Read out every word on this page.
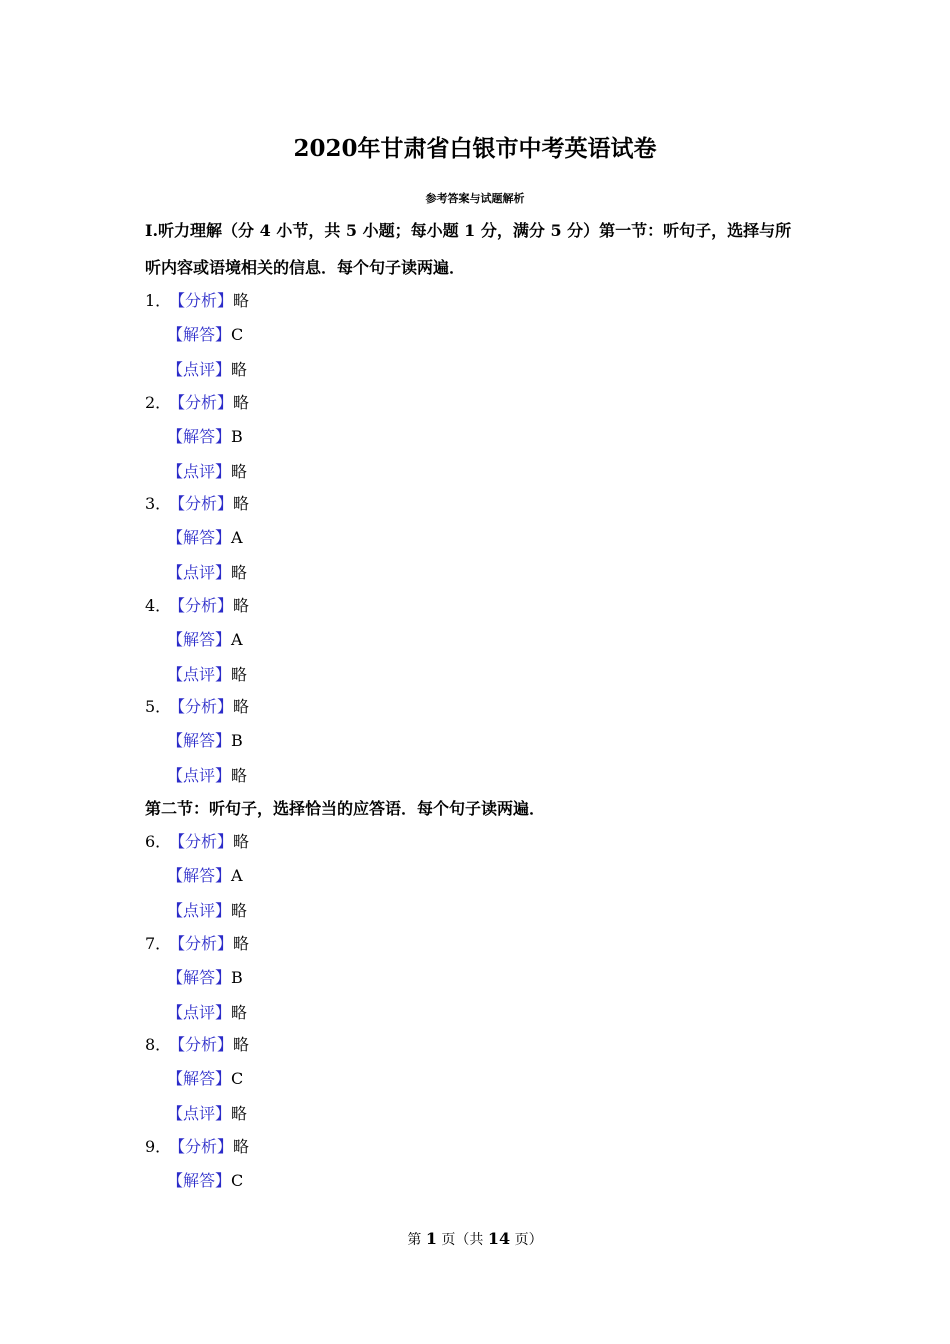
2020年甘肃省白银市中考英语试卷
参考答案与试题解析
Ⅰ.听力理解（分 4 小节，共 5 小题；每小题 1 分，满分 5 分）第一节：听句子，选择与所
听内容或语境相关的信息．每个句子读两遍．
1．【分析】略
【解答】C
【点评】略
2．【分析】略
【解答】B
【点评】略
3．【分析】略
【解答】A
【点评】略
4．【分析】略
【解答】A
【点评】略
5．【分析】略
【解答】B
【点评】略
6．【分析】略
【解答】A
【点评】略
7．【分析】略
【解答】B
【点评】略
8．【分析】略
【解答】C
【点评】略
9．【分析】略
【解答】C
第二节：听句子，选择恰当的应答语．每个句子读两遍．
第 1 页（共 14 页）
